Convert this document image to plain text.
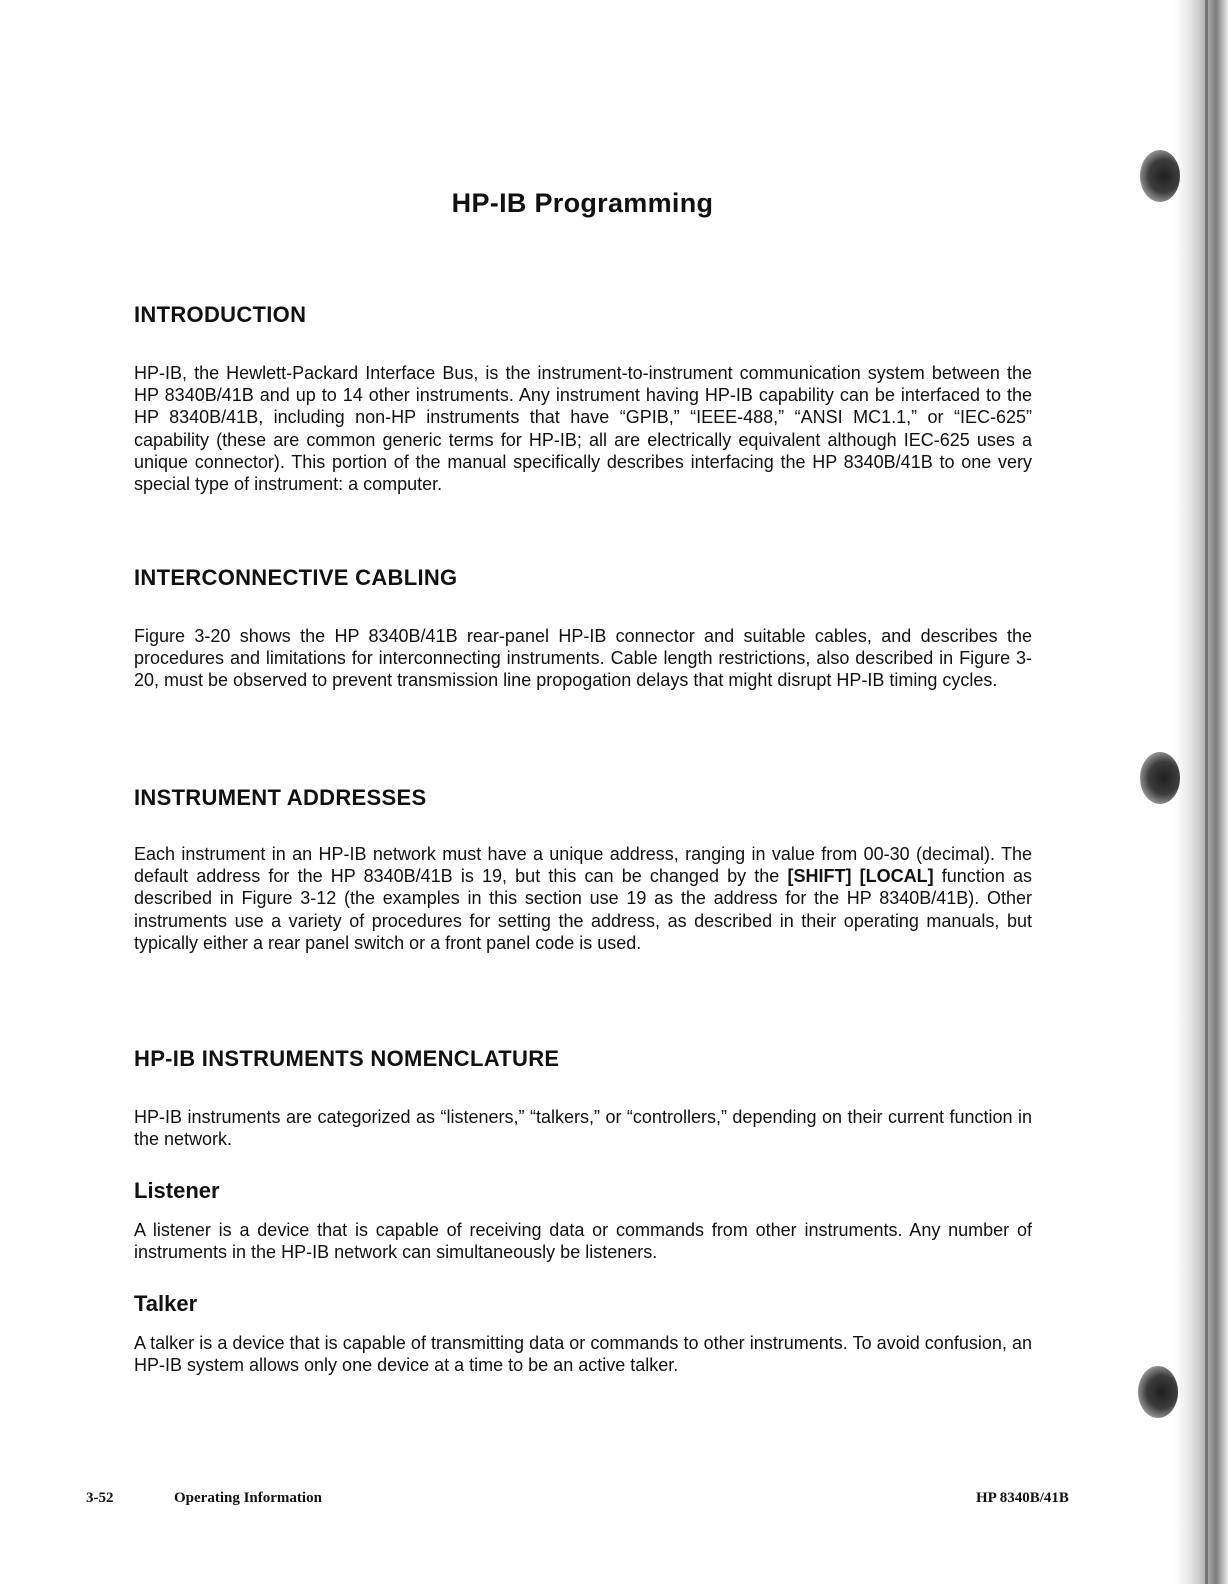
HP-IB Programming
INTRODUCTION

HP-IB, the Hewlett-Packard Interface Bus, is the instrument-to-instrument communication system between the HP 8340B/41B and up to 14 other instruments. Any instrument having HP-IB capability can be interfaced to the HP 8340B/41B, including non-HP instruments that have “GPIB,” “IEEE-488,” “ANSI MC1.1,” or “IEC-625” capability (these are common generic terms for HP-IB; all are electrically equivalent although IEC-625 uses a unique connector). This portion of the manual specifically describes interfacing the HP 8340B/41B to one very special type of instrument: a computer.

INTERCONNECTIVE CABLING

Figure 3-20 shows the HP 8340B/41B rear-panel HP-IB connector and suitable cables, and describes the procedures and limitations for interconnecting instruments. Cable length restrictions, also described in Figure 3-20, must be observed to prevent transmission line propogation delays that might disrupt HP-IB timing cycles.

INSTRUMENT ADDRESSES

Each instrument in an HP-IB network must have a unique address, ranging in value from 00-30 (decimal). The default address for the HP 8340B/41B is 19, but this can be changed by the [SHIFT] [LOCAL] function as described in Figure 3-12 (the examples in this section use 19 as the address for the HP 8340B/41B). Other instruments use a variety of procedures for setting the address, as described in their operating manuals, but typically either a rear panel switch or a front panel code is used.

HP-IB INSTRUMENTS NOMENCLATURE

HP-IB instruments are categorized as “listeners,” “talkers,” or “controllers,” depending on their current function in the network.

Listener

A listener is a device that is capable of receiving data or commands from other instruments. Any number of instruments in the HP-IB network can simultaneously be listeners.

Talker

A talker is a device that is capable of transmitting data or commands to other instruments. To avoid confusion, an HP-IB system allows only one device at a time to be an active talker.

3-52	Operating Information	HP 8340B/41B
